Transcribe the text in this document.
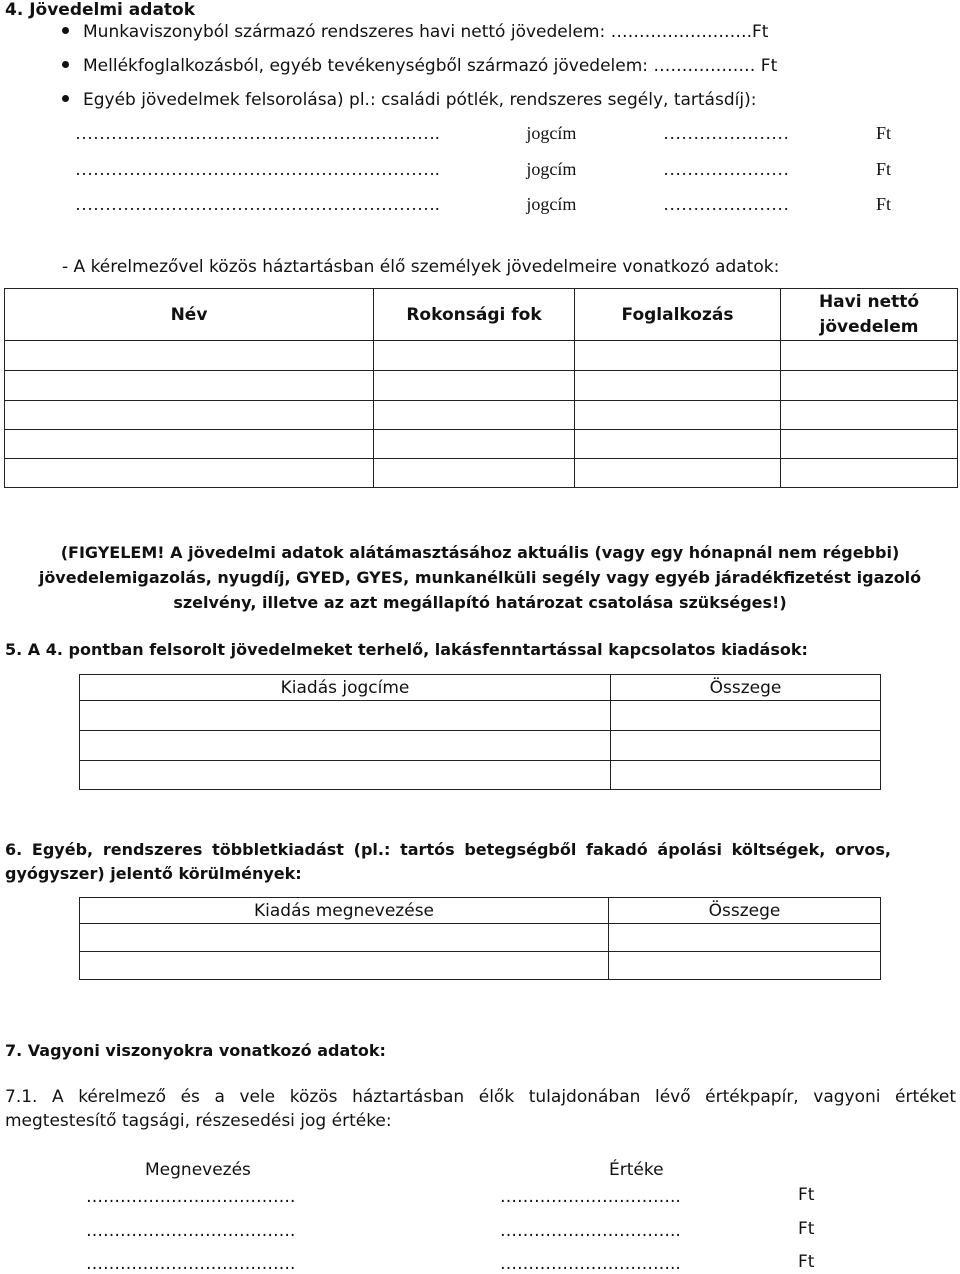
4. Jövedelmi adatok
Munkaviszonyból származó rendszeres havi nettó jövedelem: …………………….Ft
Mellékfoglalkozásból, egyéb tevékenységből származó jövedelem: ……………… Ft
Egyéb jövedelmek felsorolása) pl.: családi pótlék, rendszeres segély, tartásdíj):
……………………………………………………. jogcím ………………… Ft
……………………………………………………. jogcím ………………… Ft
……………………………………………………. jogcím ………………… Ft
- A kérelmezővel közös háztartásban élő személyek jövedelmeire vonatkozó adatok:
Név	Rokonsági fok	Foglalkozás	Havi nettó jövedelem

(FIGYELEM! A jövedelmi adatok alátámasztásához aktuális (vagy egy hónapnál nem régebbi) jövedelemigazolás, nyugdíj, GYED, GYES, munkanélküli segély vagy egyéb járadékfizetést igazoló szelvény, illetve az azt megállapító határozat csatolása szükséges!)
5. A 4. pontban felsorolt jövedelmeket terhelő, lakásfenntartással kapcsolatos kiadások:
Kiadás jogcíme	Összege

6. Egyéb, rendszeres többletkiadást (pl.: tartós betegségből fakadó ápolási költségek, orvos,
gyógyszer) jelentő körülmények:
Kiadás megnevezése	Összege

7. Vagyoni viszonyokra vonatkozó adatok:
7.1. A kérelmező és a vele közös háztartásban élők tulajdonában lévő értékpapír, vagyoni értéket
megtestesítő tagsági, részesedési jog értéke:
Megnevezés	Értéke
……………………………….	…………………………..	Ft
……………………………….	…………………………..	Ft
……………………………….	…………………………..	Ft
